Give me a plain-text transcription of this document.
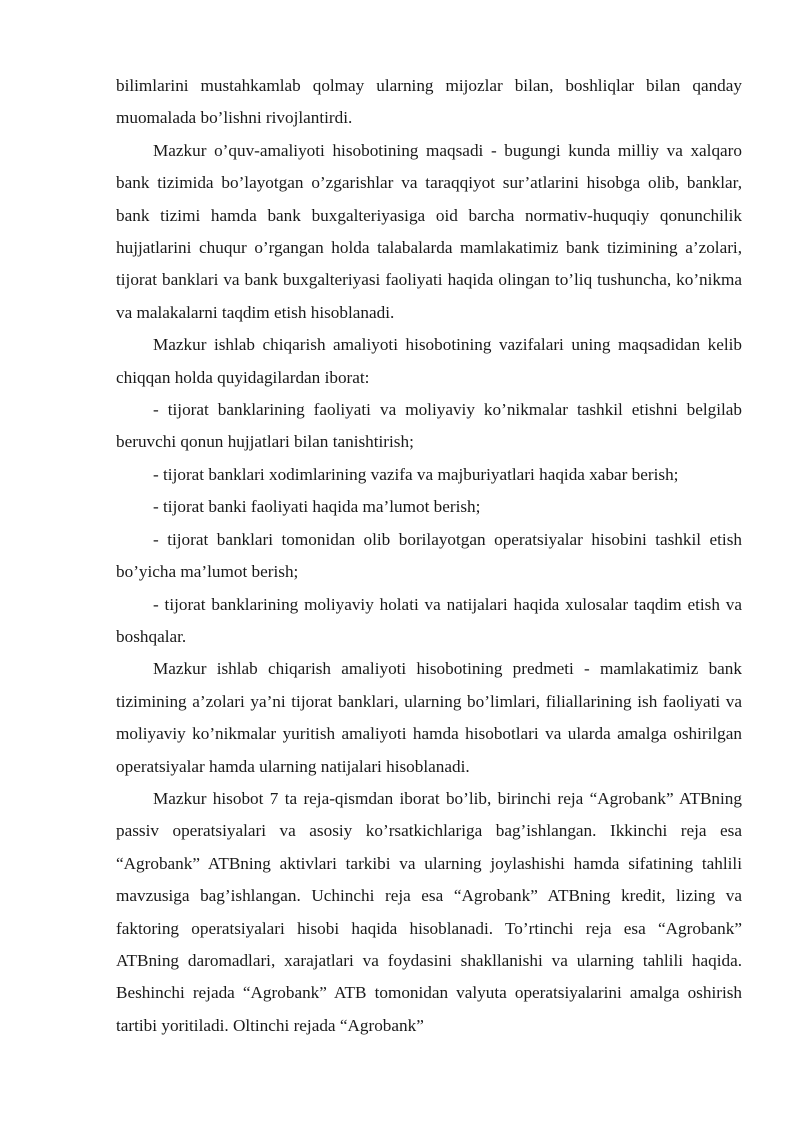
bilimlarini mustahkamlab qolmay ularning mijozlar bilan, boshliqlar bilan qanday muomalada bo’lishni rivojlantirdi.

Mazkur o’quv-amaliyoti hisobotining maqsadi - bugungi kunda milliy va xalqaro bank tizimida bo’layotgan o’zgarishlar va taraqqiyot sur’atlarini hisobga olib, banklar, bank tizimi hamda bank buxgalteriyasiga oid barcha normativ-huquqiy qonunchilik hujjatlarini chuqur o’rgangan holda talabalarda mamlakatimiz bank tizimining a’zolari, tijorat banklari va bank buxgalteriyasi faoliyati haqida olingan to’liq tushuncha, ko’nikma va malakalarni taqdim etish hisoblanadi.

Mazkur ishlab chiqarish amaliyoti hisobotining vazifalari uning maqsadidan kelib chiqqan holda quyidagilardan iborat:

- tijorat banklarining faoliyati va moliyaviy ko’nikmalar tashkil etishni belgilab beruvchi qonun hujjatlari bilan tanishtirish;

- tijorat banklari xodimlarining vazifa va majburiyatlari haqida xabar berish;

- tijorat banki faoliyati haqida ma’lumot berish;

- tijorat banklari tomonidan olib borilayotgan operatsiyalar hisobini tashkil etish bo’yicha ma’lumot berish;

- tijorat banklarining moliyaviy holati va natijalari haqida xulosalar taqdim etish va boshqalar.

Mazkur ishlab chiqarish amaliyoti hisobotining predmeti - mamlakatimiz bank tizimining a’zolari ya’ni tijorat banklari, ularning bo’limlari, filiallarining ish faoliyati va moliyaviy ko’nikmalar yuritish amaliyoti hamda hisobotlari va ularda amalga oshirilgan operatsiyalar hamda ularning natijalari hisoblanadi.

Mazkur hisobot 7 ta reja-qismdan iborat bo’lib, birinchi reja “Agrobank” ATBning passiv operatsiyalari va asosiy ko’rsatkichlariga bag’ishlangan. Ikkinchi reja esa “Agrobank” ATBning aktivlari tarkibi va ularning joylashishi hamda sifatining tahlili mavzusiga bag’ishlangan. Uchinchi reja esa “Agrobank” ATBning kredit, lizing va faktoring operatsiyalari hisobi haqida hisoblanadi. To’rtinchi reja esa “Agrobank” ATBning daromadlari, xarajatlari va foydasini shakllanishi va ularning tahlili haqida. Beshinchi rejada “Agrobank” ATB tomonidan valyuta operatsiyalarini amalga oshirish tartibi yoritiladi. Oltinchi rejada “Agrobank”
